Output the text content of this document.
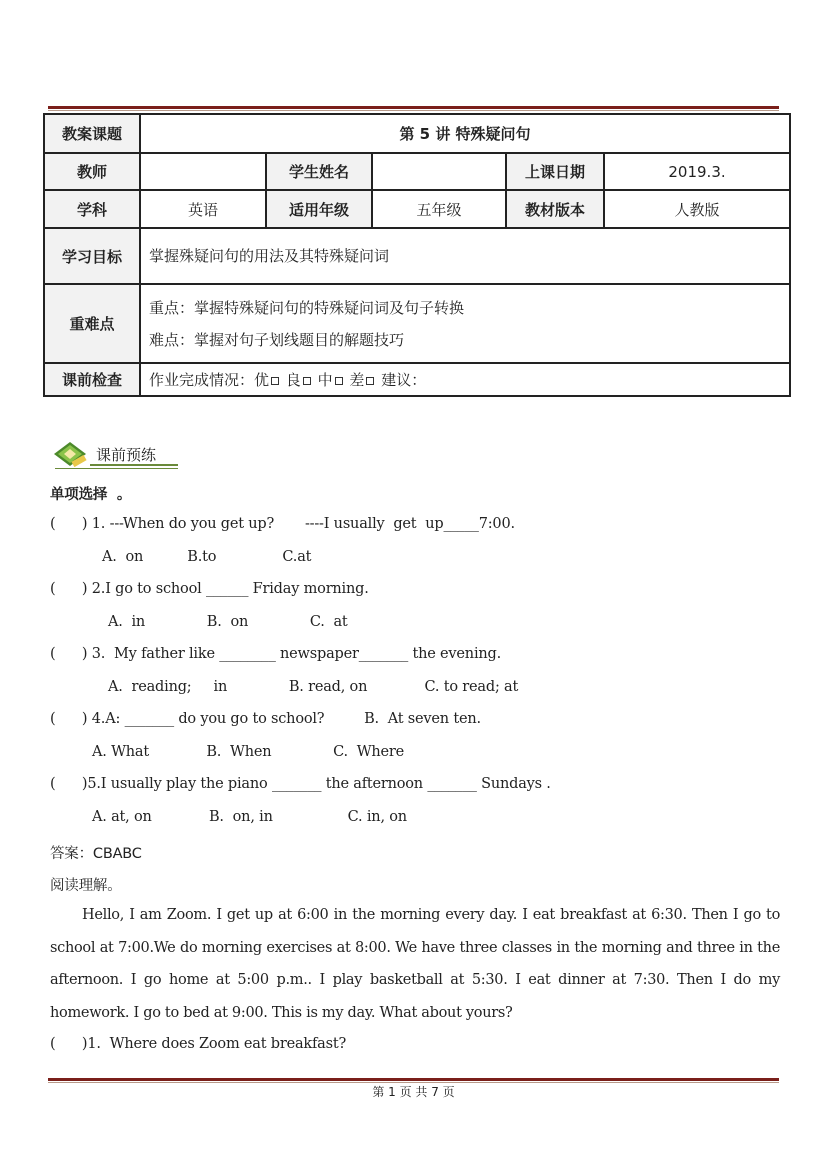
教案课题	第 5 讲 特殊疑问句				
教师		学生姓名		上课日期	2019.3.
学科	英语	适用年级	五年级	教材版本	人教版
学习目标	掌握殊疑问句的用法及其特殊疑问词				
重难点	重点：掌握特殊疑问句的特殊疑问词及句子转换
难点：掌握对句子划线题目的解题技巧				

课前检查	作业完成情况：优 良 中 差 建议：				
课前预练
单项选择  。
(      ) 1. ---When do you get up?       ----I usually  get  up_____7:00.
A.  on          B.to               C.at
(      ) 2.I go to school ______ Friday morning.
A.  in              B.  on              C.  at
(      ) 3.  My father like ________ newspaper_______ the evening.
A.  reading;     in              B. read, on             C. to read; at
(      ) 4.A: _______ do you go to school?         B.  At seven ten.
A. What             B.  When              C.  Where
(      )5.I usually play the piano _______ the afternoon _______ Sundays .
A. at, on             B.  on, in                 C. in, on
答案：CBABC
阅读理解。
Hello, I am Zoom. I get up at 6:00 in the morning every day. I eat breakfast at 6:30. Then I go to school at 7:00.We do morning exercises at 8:00. We have three classes in the morning and three in the afternoon. I go home at 5:00 p.m.. I play basketball at 5:30. I eat dinner at 7:30. Then I do my homework. I go to bed at 9:00. This is my day. What about yours?
(      )1.  Where does Zoom eat breakfast?
第 1 页 共 7 页
